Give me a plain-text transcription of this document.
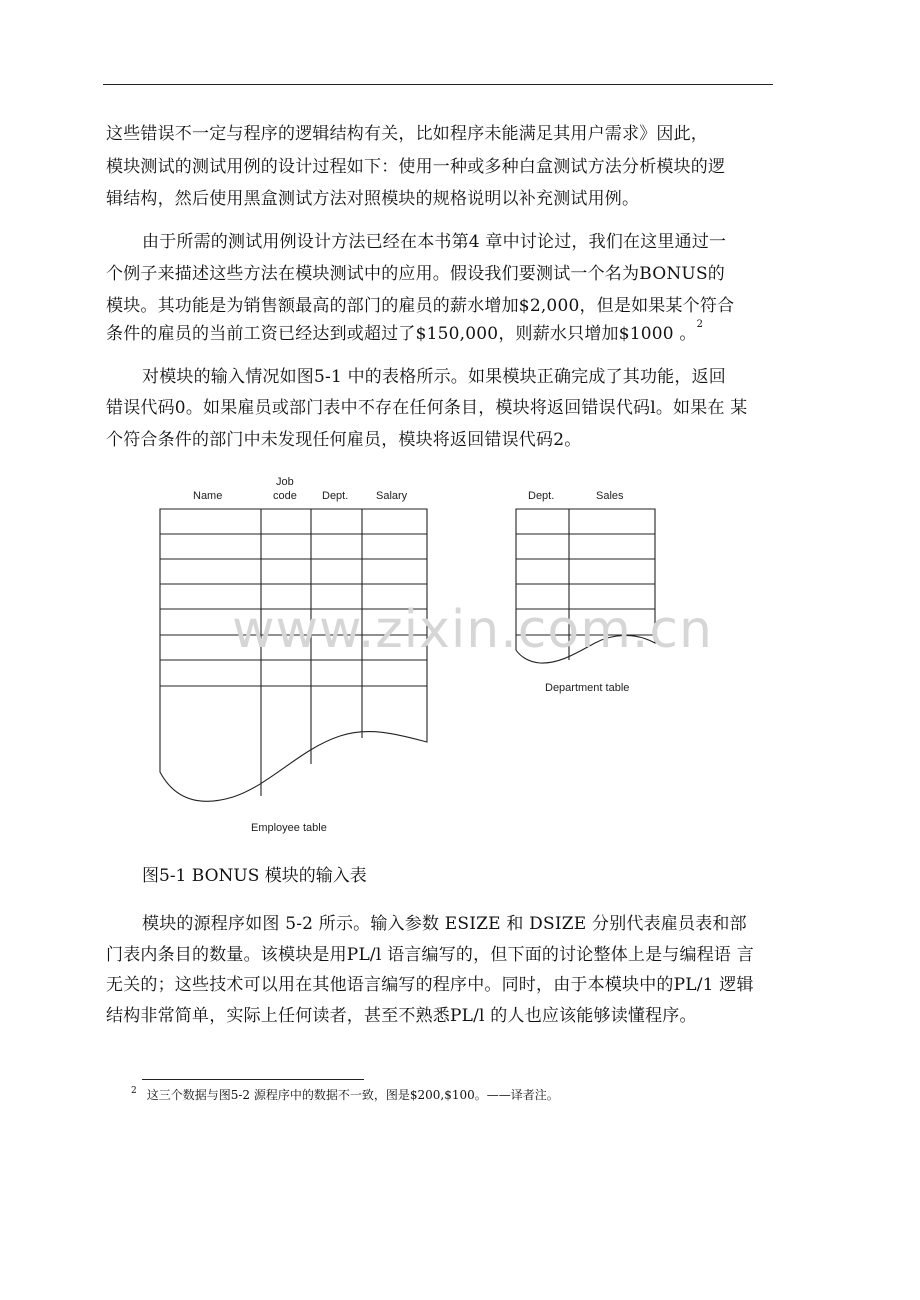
这些错误不一定与程序的逻辑结构有关，比如程序未能满足其用户需求》因此，
模块测试的测试用例的设计过程如下：使用一种或多种白盒测试方法分析模块的逻
辑结构，然后使用黑盒测试方法对照模块的规格说明以补充测试用例。
由于所需的测试用例设计方法已经在本书第4 章中讨论过，我们在这里通过一
个例子来描述这些方法在模块测试中的应用。假设我们要测试一个名为BONUS的
模块。其功能是为销售额最高的部门的雇员的薪水增加$2,000，但是如果某个符合
条件的雇员的当前工资已经达到或超过了$150,000，则薪水只增加$1000 。$^2$
对模块的输入情况如图5-1 中的表格所示。如果模块正确完成了其功能，返回
错误代码0。如果雇员或部门表中不存在任何条目，模块将返回错误代码l。如果在 某
个符合条件的部门中未发现任何雇员，模块将返回错误代码2。
Name
Job
code Dept.	Salary
Employee table
Dept.	Sales
Department table
www.zixin.com.cn
图5-1 BONUS 模块的输入表
模块的源程序如图 5-2 所示。输入参数 ESIZE 和 DSIZE 分别代表雇员表和部
门表内条目的数量。该模块是用PL/l 语言编写的，但下面的讨论整体上是与编程语 言
无关的；这些技术可以用在其他语言编写的程序中。同时，由于本模块中的PL/1 逻辑
结构非常简单，实际上任何读者，甚至不熟悉PL/l 的人也应该能够读懂程序。
$^2$ 这三个数据与图5-2 源程序中的数据不一致，图是$200,$100。——译者注。
